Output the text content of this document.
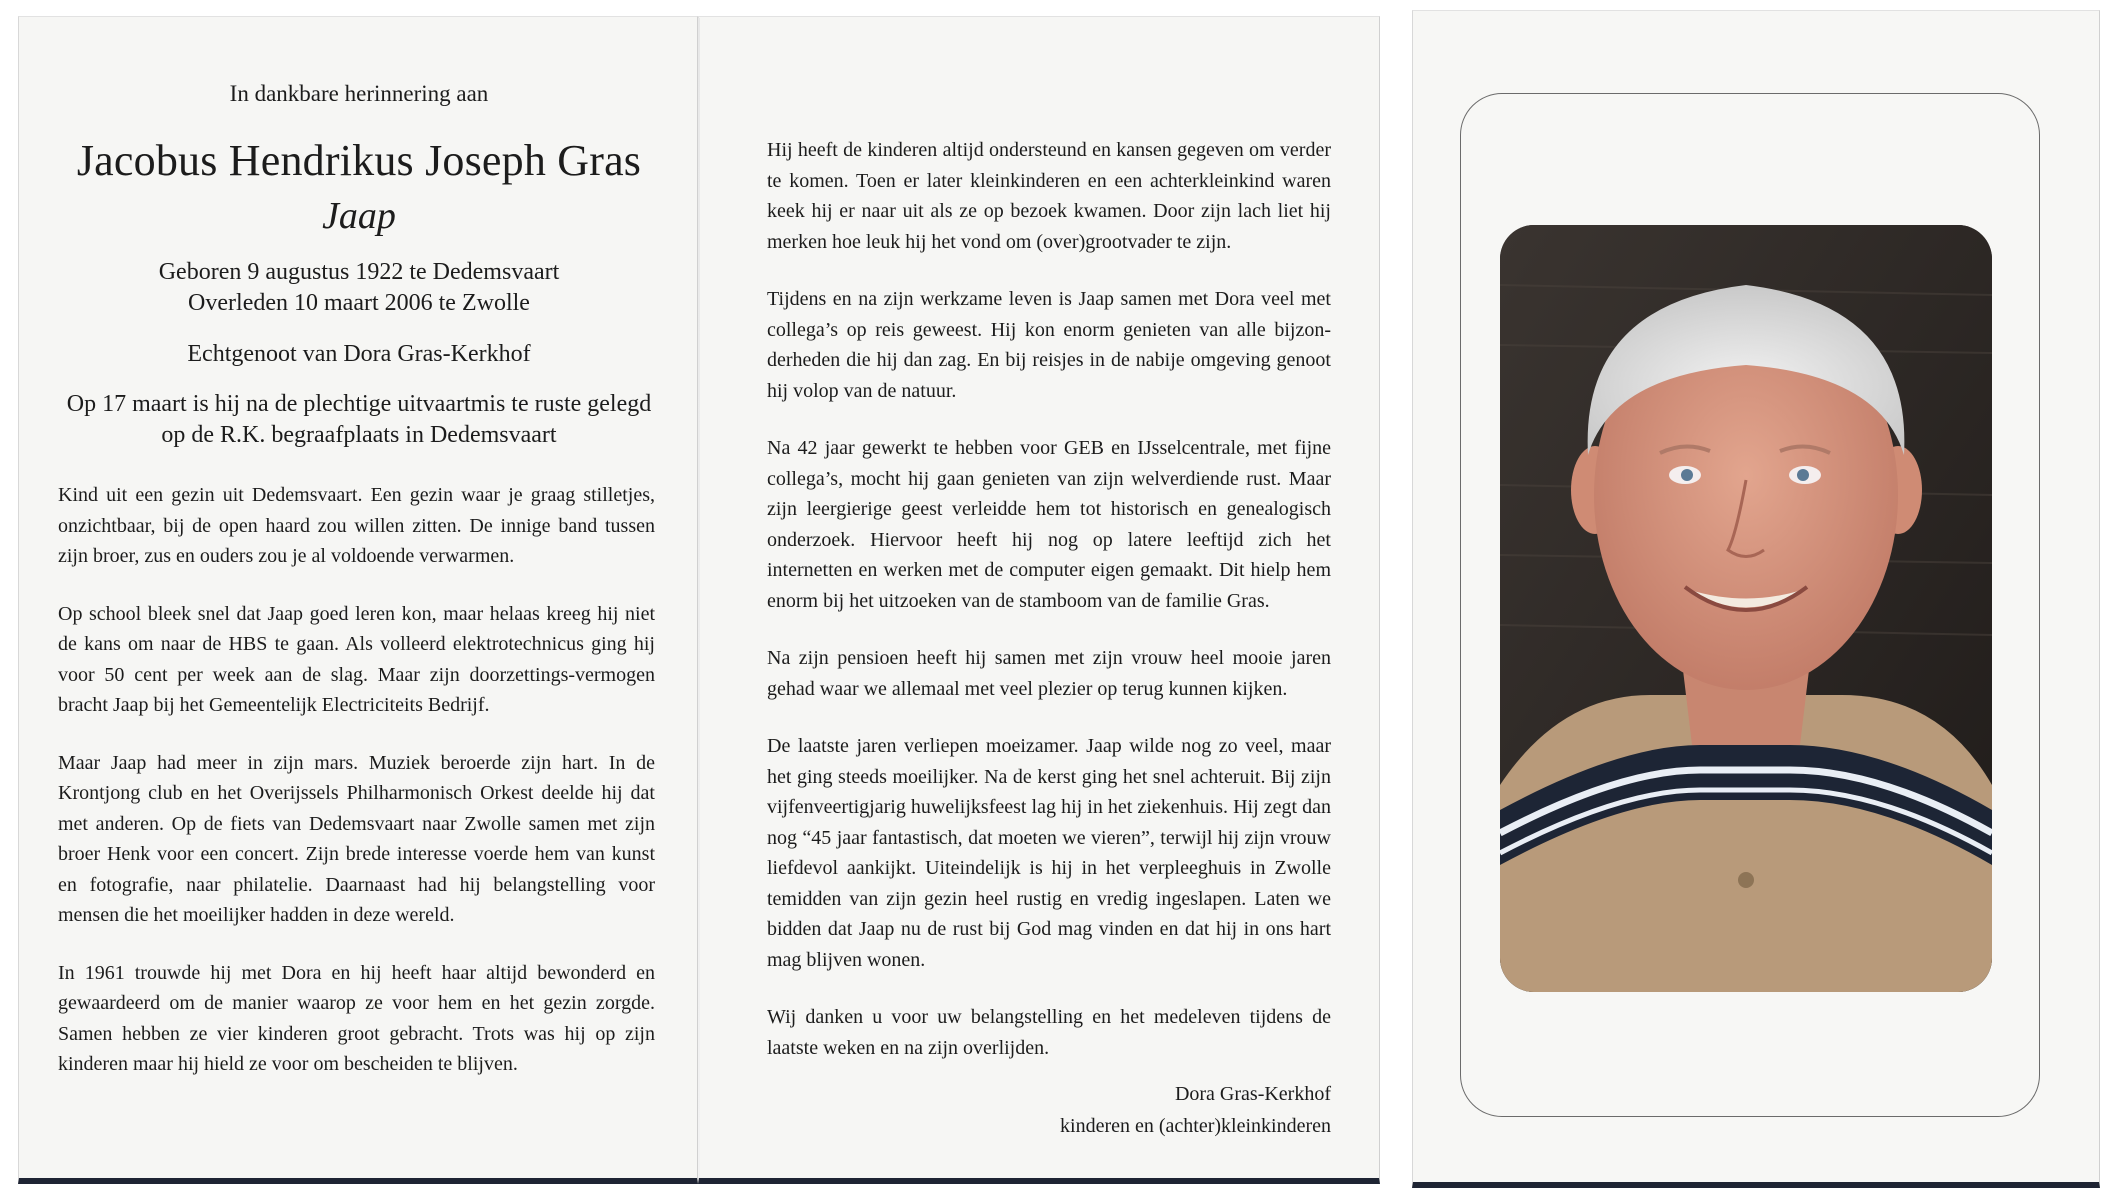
In dankbare herinnering aan
Jacobus Hendrikus Joseph Gras
Jaap
Geboren 9 augustus 1922 te Dedemsvaart
Overleden 10 maart 2006 te Zwolle
Echtgenoot van Dora Gras-Kerkhof
Op 17 maart is hij na de plechtige uitvaartmis te ruste gelegd
op de R.K. begraafplaats in Dedemsvaart

Kind uit een gezin uit Dedemsvaart. Een gezin waar je graag stilletjes, onzichtbaar, bij de open haard zou willen zitten. De innige band tussen zijn broer, zus en ouders zou je al voldoende verwarmen.

Op school bleek snel dat Jaap goed leren kon, maar helaas kreeg hij niet de kans om naar de HBS te gaan. Als volleerd elektrotechnicus ging hij voor 50 cent per week aan de slag. Maar zijn doorzettings-vermogen bracht Jaap bij het Gemeentelijk Electriciteits Bedrijf.

Maar Jaap had meer in zijn mars. Muziek beroerde zijn hart. In de Krontjong club en het Overijssels Philharmonisch Orkest deelde hij dat met anderen. Op de fiets van Dedemsvaart naar Zwolle samen met zijn broer Henk voor een concert. Zijn brede interesse voerde hem van kunst en fotografie, naar philatelie. Daarnaast had hij belangstelling voor mensen die het moeilijker hadden in deze wereld.

In 1961 trouwde hij met Dora en hij heeft haar altijd bewonderd en gewaardeerd om de manier waarop ze voor hem en het gezin zorgde. Samen hebben ze vier kinderen groot gebracht. Trots was hij op zijn kinderen maar hij hield ze voor om bescheiden te blijven.

Hij heeft de kinderen altijd ondersteund en kansen gegeven om verder te komen. Toen er later kleinkinderen en een achterkleinkind waren keek hij er naar uit als ze op bezoek kwamen. Door zijn lach liet hij merken hoe leuk hij het vond om (over)grootvader te zijn.

Tijdens en na zijn werkzame leven is Jaap samen met Dora veel met collega’s op reis geweest. Hij kon enorm genieten van alle bijzon-derheden die hij dan zag. En bij reisjes in de nabije omgeving genoot hij volop van de natuur.

Na 42 jaar gewerkt te hebben voor GEB en IJsselcentrale, met fijne collega’s, mocht hij gaan genieten van zijn welverdiende rust. Maar zijn leergierige geest verleidde hem tot historisch en genealogisch onderzoek. Hiervoor heeft hij nog op latere leeftijd zich het internetten en werken met de computer eigen gemaakt. Dit hielp hem enorm bij het uitzoeken van de stamboom van de familie Gras.

Na zijn pensioen heeft hij samen met zijn vrouw heel mooie jaren gehad waar we allemaal met veel plezier op terug kunnen kijken.

De laatste jaren verliepen moeizamer. Jaap wilde nog zo veel, maar het ging steeds moeilijker. Na de kerst ging het snel achteruit. Bij zijn vijfenveertigjarig huwelijksfeest lag hij in het ziekenhuis. Hij zegt dan nog “45 jaar fantastisch, dat moeten we vieren”, terwijl hij zijn vrouw liefdevol aankijkt. Uiteindelijk is hij in het verpleeghuis in Zwolle temidden van zijn gezin heel rustig en vredig ingeslapen. Laten we bidden dat Jaap nu de rust bij God mag vinden en dat hij in ons hart mag blijven wonen.

Wij danken u voor uw belangstelling en het medeleven tijdens de laatste weken en na zijn overlijden.

Dora Gras-Kerkhof
kinderen en (achter)kleinkinderen
